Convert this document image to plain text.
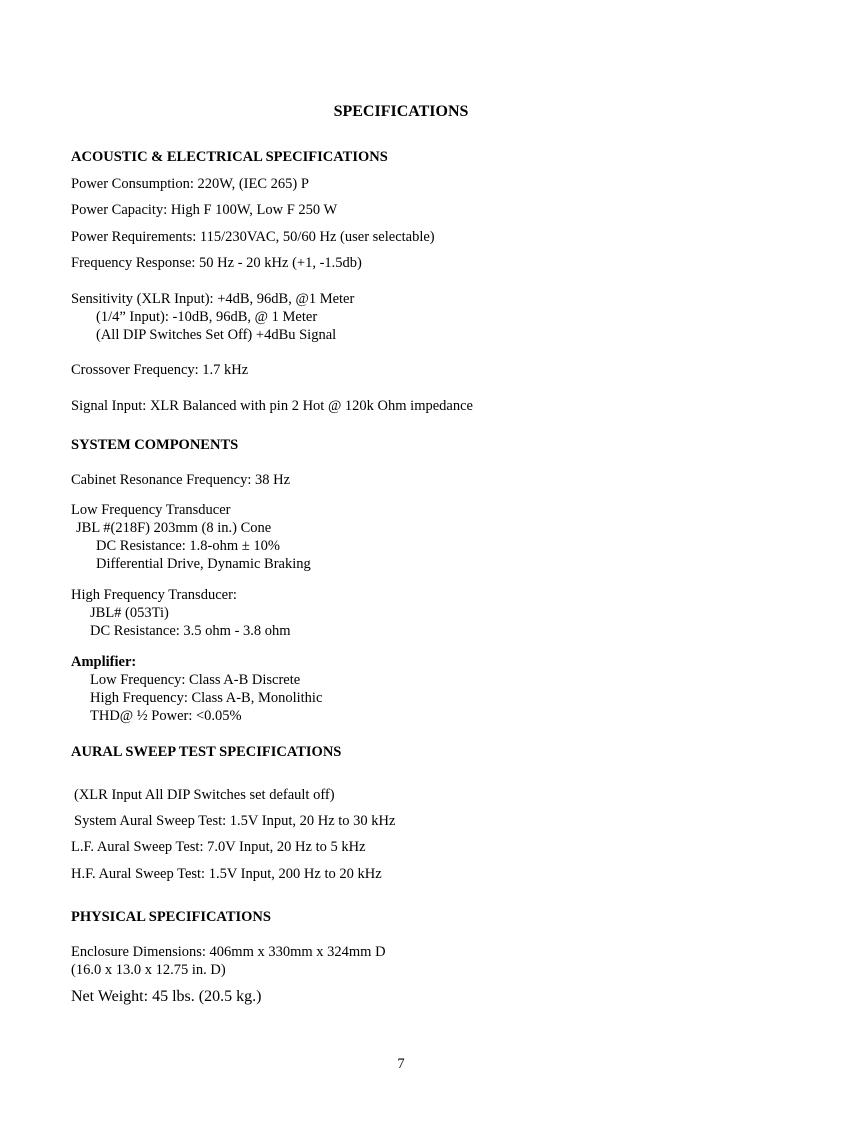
SPECIFICATIONS
ACOUSTIC & ELECTRICAL SPECIFICATIONS
Power Consumption: 220W, (IEC 265) P
Power Capacity: High F 100W, Low F 250 W
Power Requirements: 115/230VAC, 50/60 Hz (user selectable)
Frequency Response: 50 Hz - 20 kHz (+1, -1.5db)
Sensitivity (XLR Input): +4dB, 96dB, @1 Meter
(1/4” Input): -10dB, 96dB, @ 1 Meter
(All DIP Switches Set Off) +4dBu Signal
Crossover Frequency: 1.7 kHz
Signal Input: XLR Balanced with pin 2 Hot @ 120k Ohm impedance
SYSTEM COMPONENTS
Cabinet Resonance Frequency: 38 Hz
Low Frequency Transducer
JBL #(218F) 203mm (8 in.) Cone
DC Resistance: 1.8-ohm ± 10%
Differential Drive, Dynamic Braking
High Frequency Transducer:
JBL# (053Ti)
DC Resistance: 3.5 ohm - 3.8 ohm
Amplifier:
Low Frequency: Class A-B Discrete
High Frequency: Class A-B, Monolithic
THD@ ½ Power: <0.05%
AURAL SWEEP TEST SPECIFICATIONS
(XLR Input All DIP Switches set default off)
System Aural Sweep Test: 1.5V Input, 20 Hz to 30 kHz
L.F. Aural Sweep Test: 7.0V Input, 20 Hz to 5 kHz
H.F. Aural Sweep Test: 1.5V Input, 200 Hz to 20 kHz
PHYSICAL SPECIFICATIONS
Enclosure Dimensions: 406mm x 330mm x 324mm D
(16.0 x 13.0 x 12.75 in. D)
Net Weight: 45 lbs. (20.5 kg.)
7
